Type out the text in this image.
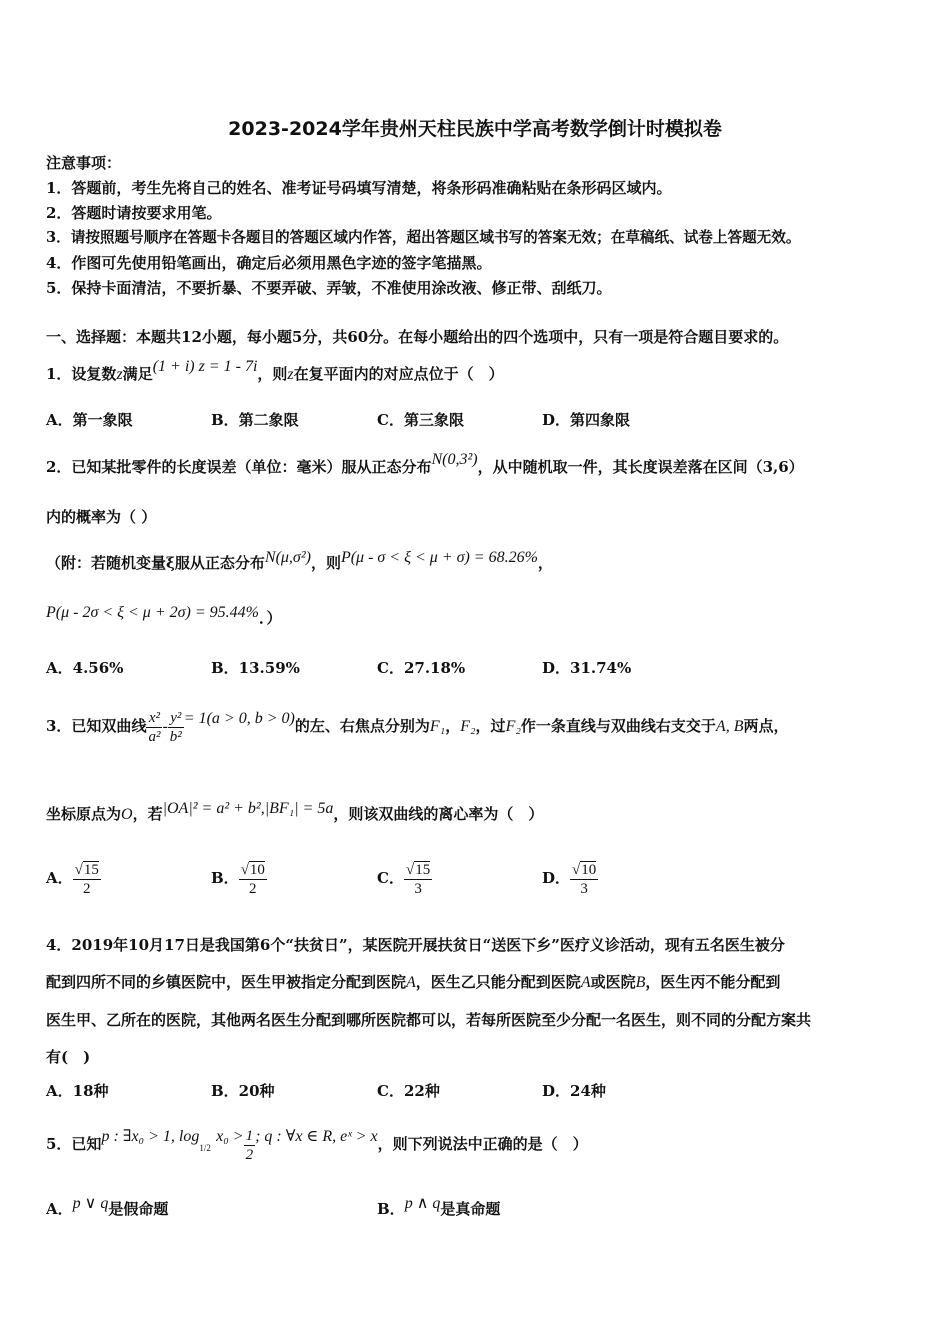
2023-2024学年贵州天柱民族中学高考数学倒计时模拟卷
注意事项：
1．答题前，考生先将自己的姓名、准考证号码填写清楚，将条形码准确粘贴在条形码区域内。
2．答题时请按要求用笔。
3．请按照题号顺序在答题卡各题目的答题区域内作答，超出答题区域书写的答案无效；在草稿纸、试卷上答题无效。
4．作图可先使用铅笔画出，确定后必须用黑色字迹的签字笔描黑。
5．保持卡面清洁，不要折暴、不要弄破、弄皱，不准使用涂改液、修正带、刮纸刀。
一、选择题：本题共12小题，每小题5分，共60分。在每小题给出的四个选项中，只有一项是符合题目要求的。
1．设复数z满足(1 + i) z = 1 - 7i，则z在复平面内的对应点位于（　）
A．第一象限	B．第二象限	C．第三象限	D．第四象限
2．已知某批零件的长度误差（单位：毫米）服从正态分布N(0,3²)，从中随机取一件，其长度误差落在区间（3,6）
内的概率为（ ）
（附：若随机变量ξ服从正态分布N(μ,σ²)，则P(μ - σ < ξ < μ + σ) = 68.26%，
P(μ - 2σ < ξ < μ + 2σ) = 95.44%．）
A．4.56%	B．13.59%	C．27.18%	D．31.74%
3．已知双曲线 $\frac{\text{x²}}{\text{a²}} - \frac{\text{y²}}{\text{b²}} = 1(a > 0$, b > 0)的左、右焦点分别为F₁，F₂，过F₂作一条直线与双曲线右支交于A, B两点，
坐标原点为O，若|OA|² = a² + b²,|BF₁| = 5a，则该双曲线的离心率为（　）
A． $\frac{√15}{2}$	B． $\frac{√10}{2}$	C． $\frac{√15}{3}$	D． $\frac{√10}{3}$
4．2019年10月17日是我国第6个“扶贫日”，某医院开展扶贫日“送医下乡”医疗义诊活动，现有五名医生被分
配到四所不同的乡镇医院中，医生甲被指定分配到医院A，医生乙只能分配到医院A或医院B，医生丙不能分配到
医生甲、乙所在的医院，其他两名医生分配到哪所医院都可以，若每所医院至少分配一名医生，则不同的分配方案共
有(　)
A．18种	B．20种	C．22种	D．24种
5．已知p : ∃x₀ > 1, log1/2 $x_0 > \frac{1}{2}$ ; q : ∀x ∈ R, eˣ > x，则下列说法中正确的是（　）
A．p ∨ q是假命题	B．p ∧ q是真命题
